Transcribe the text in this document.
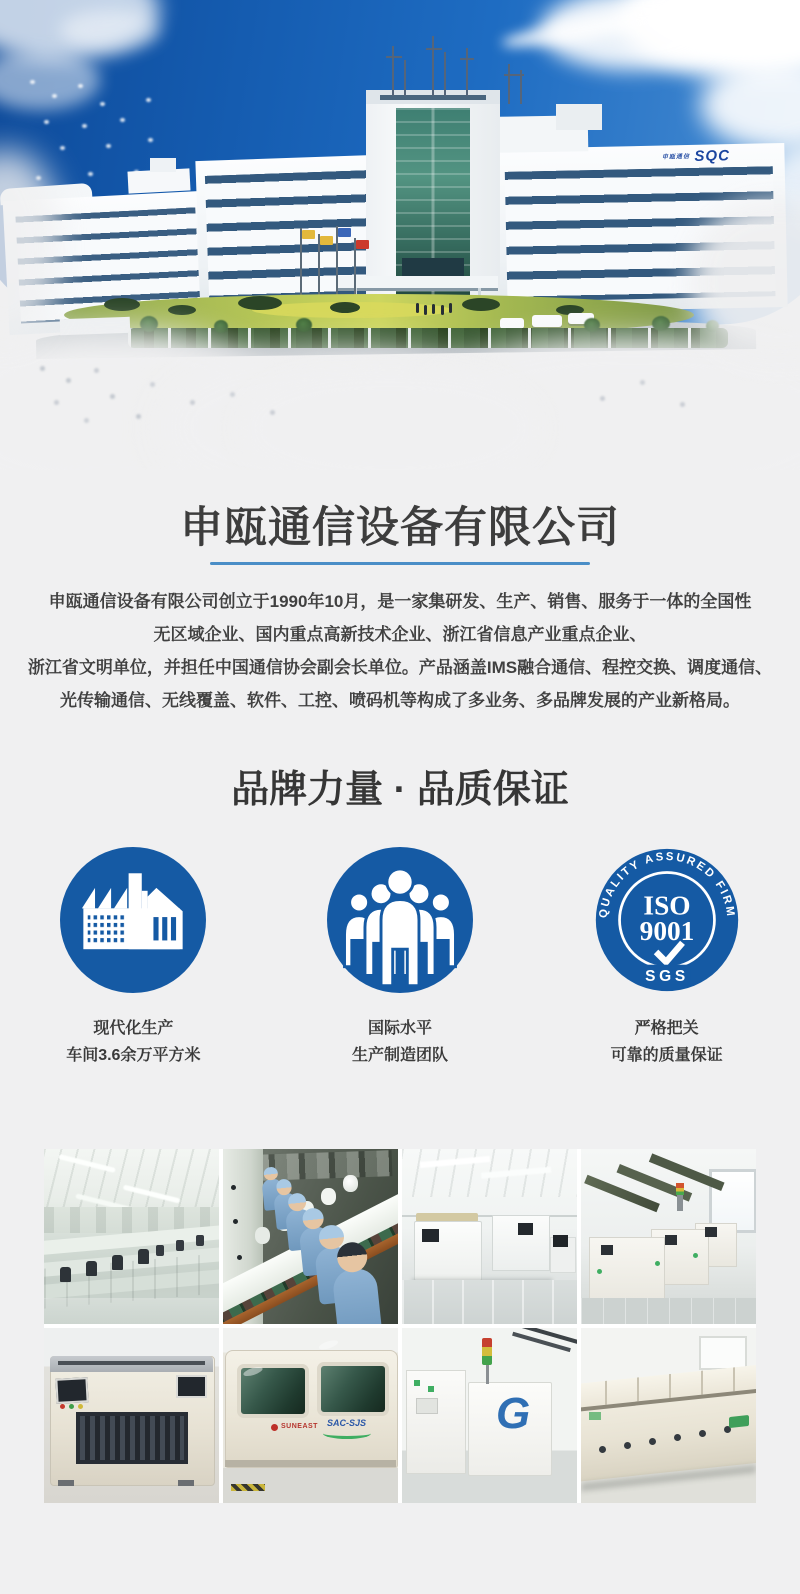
申瓯通信 SQC
申瓯通信设备有限公司
申瓯通信设备有限公司创立于1990年10月，是一家集研发、生产、销售、服务于一体的全国性
无区域企业、国内重点高新技术企业、浙江省信息产业重点企业、
浙江省文明单位，并担任中国通信协会副会长单位。产品涵盖IMS融合通信、程控交换、调度通信、
光传输通信、无线覆盖、软件、工控、喷码机等构成了多业务、多品牌发展的产业新格局。
品牌力量 · 品质保证
现代化生产
车间3.6余万平方米
国际水平
生产制造团队
QUALITY ASSURED FIRM
ISO
9001
SGS
严格把关
可靠的质量保证
SUNEAST SAC-SJS	G
